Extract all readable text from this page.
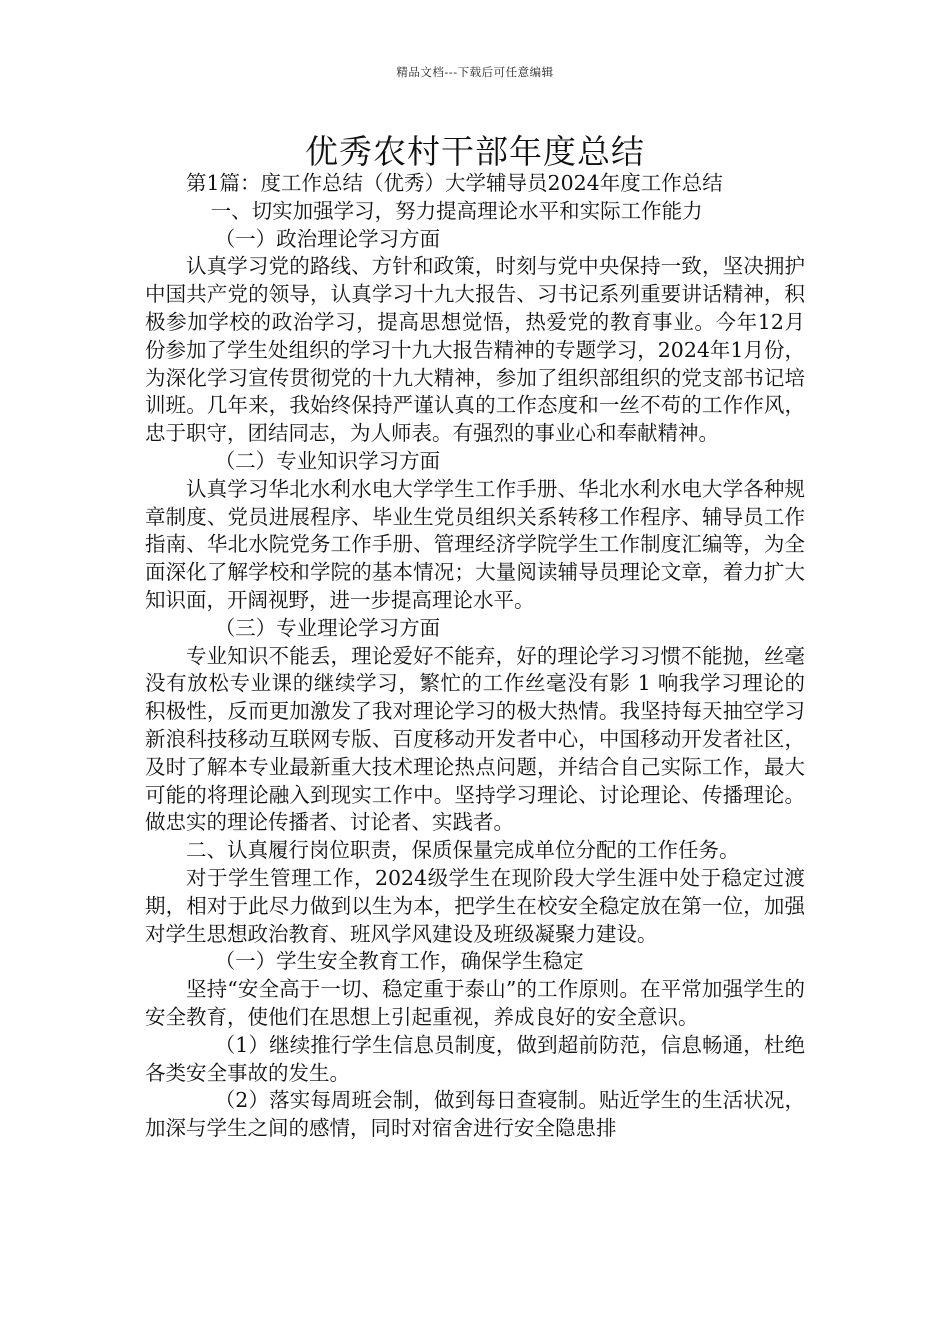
精品文档---下载后可任意编辑
优秀农村干部年度总结

第1篇：度工作总结（优秀）大学辅导员2024年度工作总结

一、切实加强学习，努力提高理论水平和实际工作能力

（一）政治理论学习方面

认真学习党的路线、方针和政策，时刻与党中央保持一致，坚决拥护中国共产党的领导，认真学习十九大报告、习书记系列重要讲话精神，积极参加学校的政治学习，提高思想觉悟，热爱党的教育事业。今年12月份参加了学生处组织的学习十九大报告精神的专题学习，2024年1月份，为深化学习宣传贯彻党的十九大精神，参加了组织部组织的党支部书记培训班。几年来，我始终保持严谨认真的工作态度和一丝不苟的工作作风，忠于职守，团结同志，为人师表。有强烈的事业心和奉献精神。

（二）专业知识学习方面

认真学习华北水利水电大学学生工作手册、华北水利水电大学各种规章制度、党员进展程序、毕业生党员组织关系转移工作程序、辅导员工作指南、华北水院党务工作手册、管理经济学院学生工作制度汇编等，为全面深化了解学校和学院的基本情况；大量阅读辅导员理论文章，着力扩大知识面，开阔视野，进一步提高理论水平。

（三）专业理论学习方面

专业知识不能丢，理论爱好不能弃，好的理论学习习惯不能抛，丝毫没有放松专业课的继续学习，繁忙的工作丝毫没有影 1 响我学习理论的积极性，反而更加激发了我对理论学习的极大热情。我坚持每天抽空学习新浪科技移动互联网专版、百度移动开发者中心，中国移动开发者社区，及时了解本专业最新重大技术理论热点问题，并结合自己实际工作，最大可能的将理论融入到现实工作中。坚持学习理论、讨论理论、传播理论。做忠实的理论传播者、讨论者、实践者。

二、认真履行岗位职责，保质保量完成单位分配的工作任务。

对于学生管理工作，2024级学生在现阶段大学生涯中处于稳定过渡期，相对于此尽力做到以生为本，把学生在校安全稳定放在第一位，加强对学生思想政治教育、班风学风建设及班级凝聚力建设。

（一）学生安全教育工作，确保学生稳定

坚持“安全高于一切、稳定重于泰山”的工作原则。在平常加强学生的安全教育，使他们在思想上引起重视，养成良好的安全意识。

（1）继续推行学生信息员制度，做到超前防范，信息畅通，杜绝各类安全事故的发生。

（2）落实每周班会制，做到每日查寝制。贴近学生的生活状况，加深与学生之间的感情，同时对宿舍进行安全隐患排
